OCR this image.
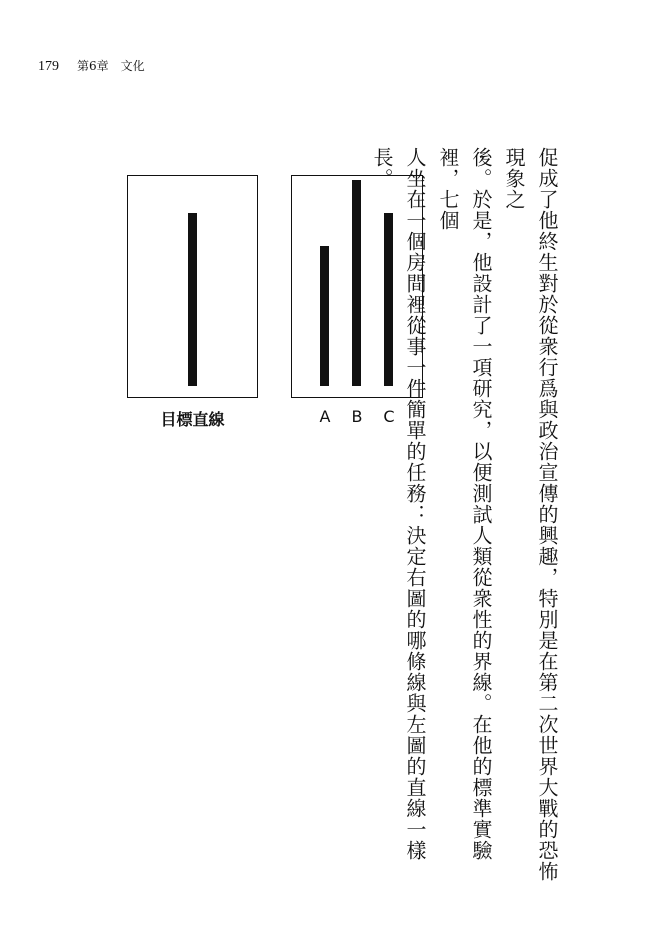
179 第6章 文化
目標直線	A B C	促成了他終生對於從衆行爲與政治宣傳的興趣，特別是在第二次世界大戰的恐怖現象之

後。於是，他設計了一項研究，以便測試人類從衆性的界線。在他的標準實驗裡，七個

人坐在一個房間裡從事一件簡單的任務：決定右圖的哪條線與左圖的直線一樣長。
